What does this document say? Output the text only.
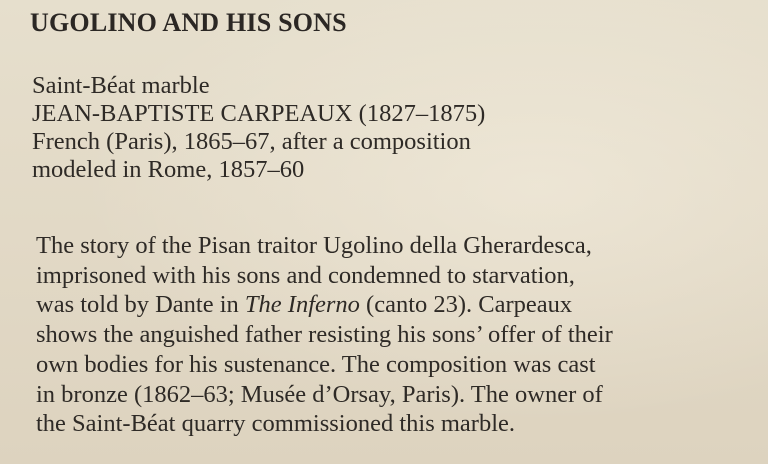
UGOLINO AND HIS SONS
Saint-Béat marble
JEAN-BAPTISTE CARPEAUX (1827–1875)
French (Paris), 1865–67, after a composition
modeled in Rome, 1857–60
The story of the Pisan traitor Ugolino della Gherardesca,
imprisoned with his sons and condemned to starvation,
was told by Dante in The Inferno (canto 23). Carpeaux
shows the anguished father resisting his sons’ offer of their
own bodies for his sustenance. The composition was cast
in bronze (1862–63; Musée d’Orsay, Paris). The owner of
the Saint-Béat quarry commissioned this marble.
